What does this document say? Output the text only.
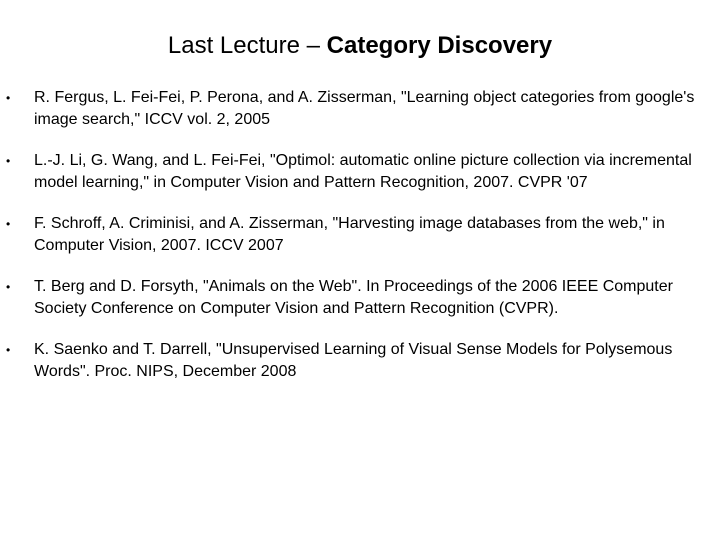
Last Lecture – Category Discovery
• R. Fergus, L. Fei-Fei, P. Perona, and A. Zisserman, "Learning object categories from google's image search," ICCV vol. 2, 2005
• L.-J. Li, G. Wang, and L. Fei-Fei, "Optimol: automatic online picture collection via incremental model learning," in Computer Vision and Pattern Recognition, 2007. CVPR '07
• F. Schroff, A. Criminisi, and A. Zisserman, "Harvesting image databases from the web," in Computer Vision, 2007. ICCV 2007
• T. Berg and D. Forsyth, "Animals on the Web". In Proceedings of the 2006 IEEE Computer Society Conference on Computer Vision and Pattern Recognition (CVPR).
• K. Saenko and T. Darrell, "Unsupervised Learning of Visual Sense Models for Polysemous Words". Proc. NIPS, December 2008
